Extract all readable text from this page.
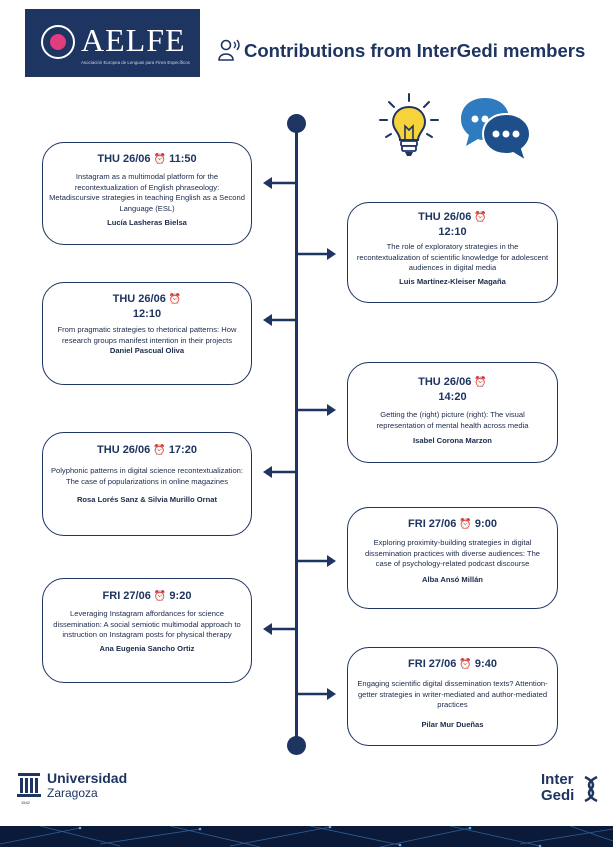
AELFE
Asociación Europea de Lenguas para Fines Específicos
Contributions from InterGedi members
THU 26/06 ⏰ 11:50
Instagram as a multimodal platform for the recontextualization of English phraseology: Metadiscursive strategies in teaching English as a Second Language (ESL)
Lucía Lasheras Bielsa	THU 26/06 ⏰
12:10
The role of exploratory strategies in the recontextualization of scientific knowledge for adolescent audiences in digital media
Luis Martínez-Kleiser Magaña
THU 26/06 ⏰
12:10
From pragmatic strategies to rhetorical patterns: How research groups manifest intention in their projects
Daniel Pascual Oliva
THU 26/06 ⏰
14:20
Getting the (right) picture (right): The visual representation of mental health across media
Isabel Corona Marzon
THU 26/06 ⏰ 17:20
Polyphonic patterns in digital science recontextualization: The case of popularizations in online magazines
Rosa Lorés Sanz & Silvia Murillo Ornat
FRI 27/06 ⏰ 9:00
Exploring proximity-building strategies in digital dissemination practices with diverse audiences: The case of psychology-related podcast discourse
Alba Ansó Millán
FRI 27/06 ⏰ 9:20
Leveraging Instagram affordances for science dissemination: A social semiotic multimodal approach to instruction on Instagram posts for physical therapy
Ana Eugenia Sancho Ortiz
FRI 27/06 ⏰ 9:40
Engaging scientific digital dissemination texts? Attention-getter strategies in writer-mediated and author-mediated practices
Pilar Mur Dueñas
Universidad
Zaragoza
1542
Inter
Gedi
